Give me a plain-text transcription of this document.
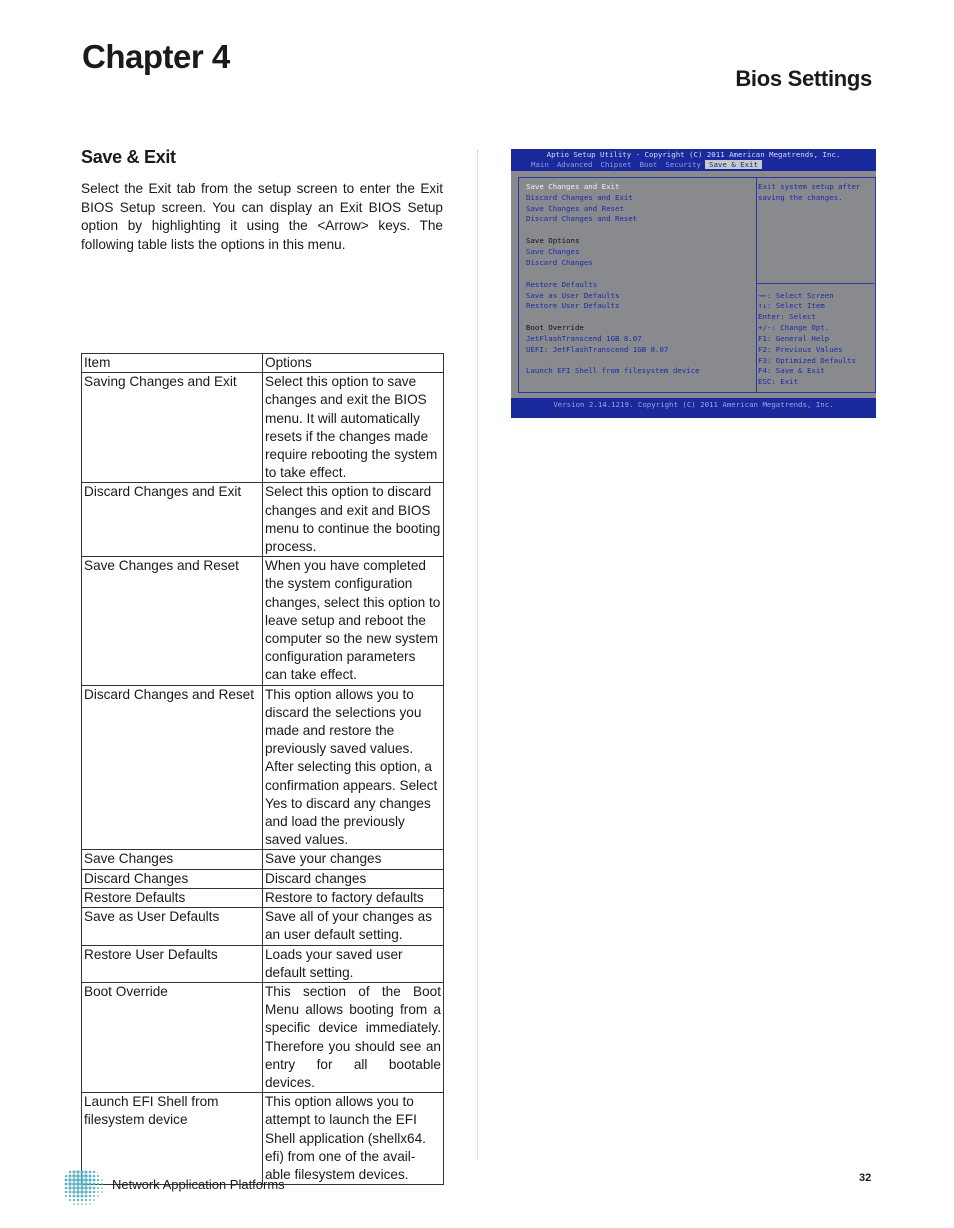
Chapter 4
Bios Settings
Save & Exit
Select the Exit tab from the setup screen to enter the Exit BIOS Setup screen. You can display an Exit BIOS Setup option by highlighting it using the <Arrow> keys. The following table lists the options in this menu.
Item	Options
Saving Changes and Exit	Select this option to save changes and exit the BIOS menu. It will automatically resets if the changes made require rebooting the system to take effect.
Discard Changes and Exit	Select this option to discard changes and exit and BIOS menu to continue the booting process.
Save Changes and Reset	When you have completed the system configuration changes, select this option to leave setup and reboot the computer so the new system configuration parameters can take effect.
Discard Changes and Reset	This option allows you to discard the selections you made and restore the previously saved values. After selecting this option, a confirmation appears. Select Yes to discard any changes and load the previously saved values.
Save Changes	Save your changes
Discard Changes	Discard changes
Restore Defaults	Restore to factory defaults
Save as User Defaults	Save all of your changes as an user default setting.
Restore User Defaults	Loads your saved user default setting.
Boot Override	This section of the Boot Menu allows booting from a specific device immediately. Therefore you should see an entry for all bootable devices.
Launch EFI Shell from filesystem device	This option allows you to attempt to launch the EFI Shell application (shellx64. efi) from one of the avail-able filesystem devices.
Aptio Setup Utility - Copyright (C) 2011 American Megatrends, Inc.
Main	Advanced	Chipset	Boot	Security	Save & Exit
Save Changes and Exit
Discard Changes and Exit
Save Changes and Reset
Discard Changes and Reset
Save Options
Save Changes
Discard Changes
Restore Defaults
Save as User Defaults
Restore User Defaults
Boot Override
JetFlashTranscend 1GB 8.07
UEFI: JetFlashTranscend 1GB 8.07
Launch EFI Shell from filesystem device
Exit system setup after
saving the changes.
→←: Select Screen
↑↓: Select Item
Enter: Select
+/-: Change Opt.
F1: General Help
F2: Previous Values
F3: Optimized Defaults
F4: Save & Exit
ESC: Exit
Version 2.14.1219. Copyright (C) 2011 American Megatrends, Inc.
Network Application Platforms	32
